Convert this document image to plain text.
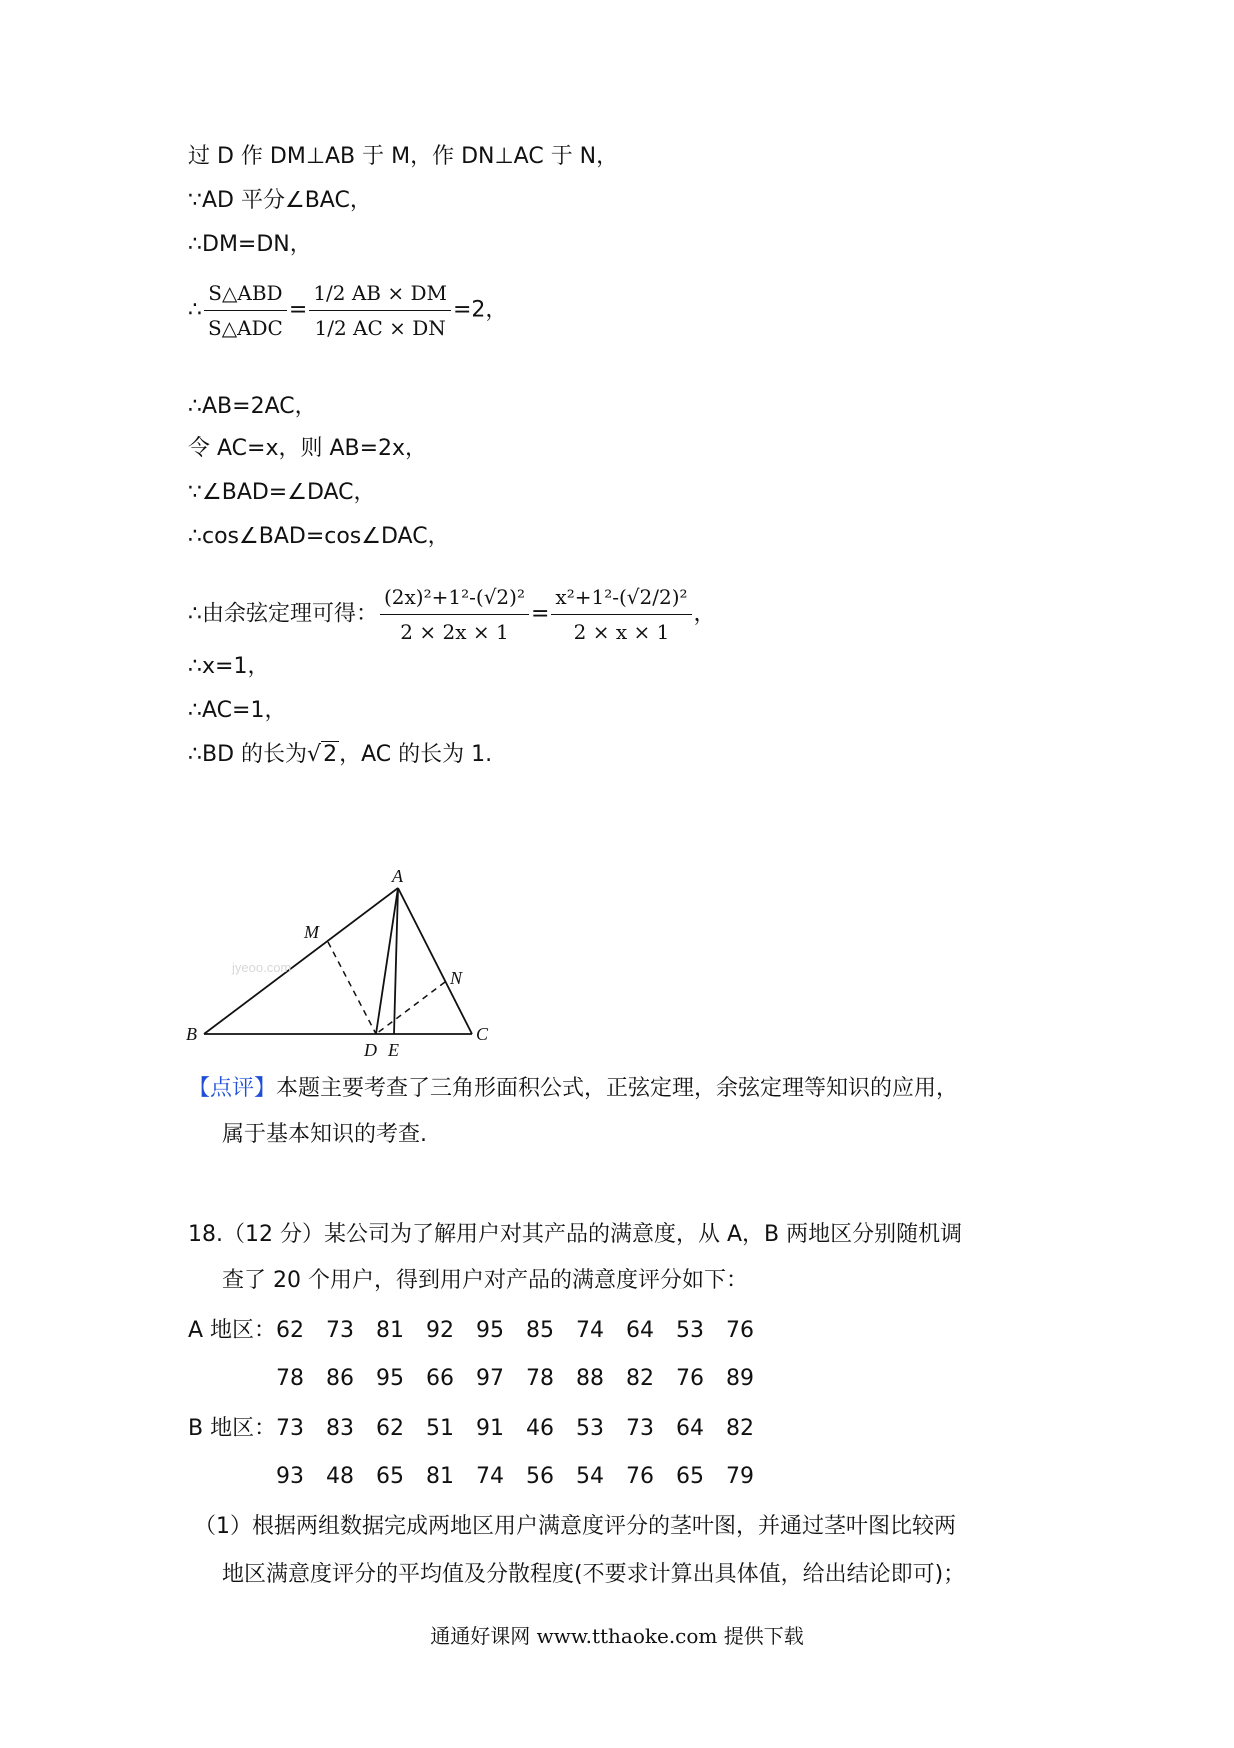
过 D 作 DM⊥AB 于 M，作 DN⊥AC 于 N，
∵AD 平分∠BAC，
∴DM=DN，
∴ $\frac{\text{S△ABD}}{\text{S△ADC}} = \frac{1/2 AB \times DM}{1/2 AC \times DN} =2$，
∴AB=2AC，
令 AC=x，则 AB=2x，
∵∠BAD=∠DAC，
∴cos∠BAD=cos∠DAC，
∴由余弦定理可得： $\frac{\text{(2x)²+1²-(√2)²}}{2 \times 2x \times 1} = \frac{\text{x²+1²-(√2/2)²}}{2 \times x \times 1}$ ，
∴x=1，
∴AC=1，
∴BD 的长为√2，AC 的长为 1.
jyeoo.com
A
B	C
D E
M
N
【点评】本题主要考查了三角形面积公式，正弦定理，余弦定理等知识的应用，
属于基本知识的考查.
18.（12 分）某公司为了解用户对其产品的满意度，从 A，B 两地区分别随机调
查了 20 个用户，得到用户对产品的满意度评分如下：
A 地区： 62 73 81 92 95 85 74 64 53 76
78 86 95 66 97 78 88 82 76 89
B 地区： 73 83 62 51 91 46 53 73 64 82
93 48 65 81 74 56 54 76 65 79
（1）根据两组数据完成两地区用户满意度评分的茎叶图，并通过茎叶图比较两
地区满意度评分的平均值及分散程度(不要求计算出具体值，给出结论即可)；
通通好课网 www.tthaoke.com 提供下载
